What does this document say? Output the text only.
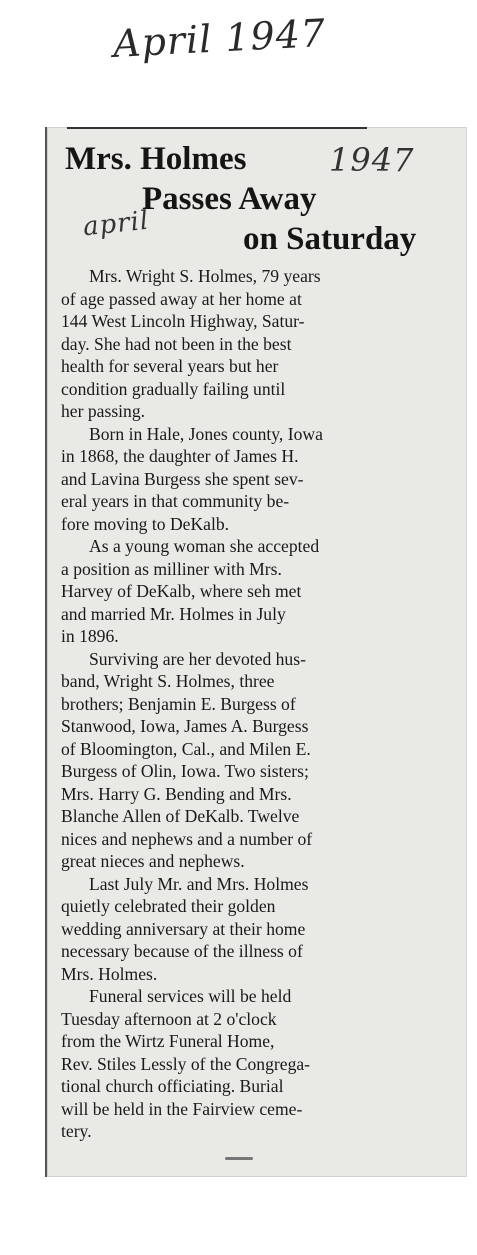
April 1947
Mrs. Holmes
Passes Away
on Saturday
1947
april
Mrs. Wright S. Holmes, 79 years
of age passed away at her home at
144 West Lincoln Highway, Satur-
day. She had not been in the best
health for several years but her
condition gradually failing until
her passing.
Born in Hale, Jones county, Iowa
in 1868, the daughter of James H.
and Lavina Burgess she spent sev-
eral years in that community be-
fore moving to DeKalb.
As a young woman she accepted
a position as milliner with Mrs.
Harvey of DeKalb, where seh met
and married Mr. Holmes in July
in 1896.
Surviving are her devoted hus-
band, Wright S. Holmes, three
brothers; Benjamin E. Burgess of
Stanwood, Iowa, James A. Burgess
of Bloomington, Cal., and Milen E.
Burgess of Olin, Iowa. Two sisters;
Mrs. Harry G. Bending and Mrs.
Blanche Allen of DeKalb. Twelve
nices and nephews and a number of
great nieces and nephews.
Last July Mr. and Mrs. Holmes
quietly celebrated their golden
wedding anniversary at their home
necessary because of the illness of
Mrs. Holmes.
Funeral services will be held
Tuesday afternoon at 2 o'clock
from the Wirtz Funeral Home,
Rev. Stiles Lessly of the Congrega-
tional church officiating. Burial
will be held in the Fairview ceme-
tery.
